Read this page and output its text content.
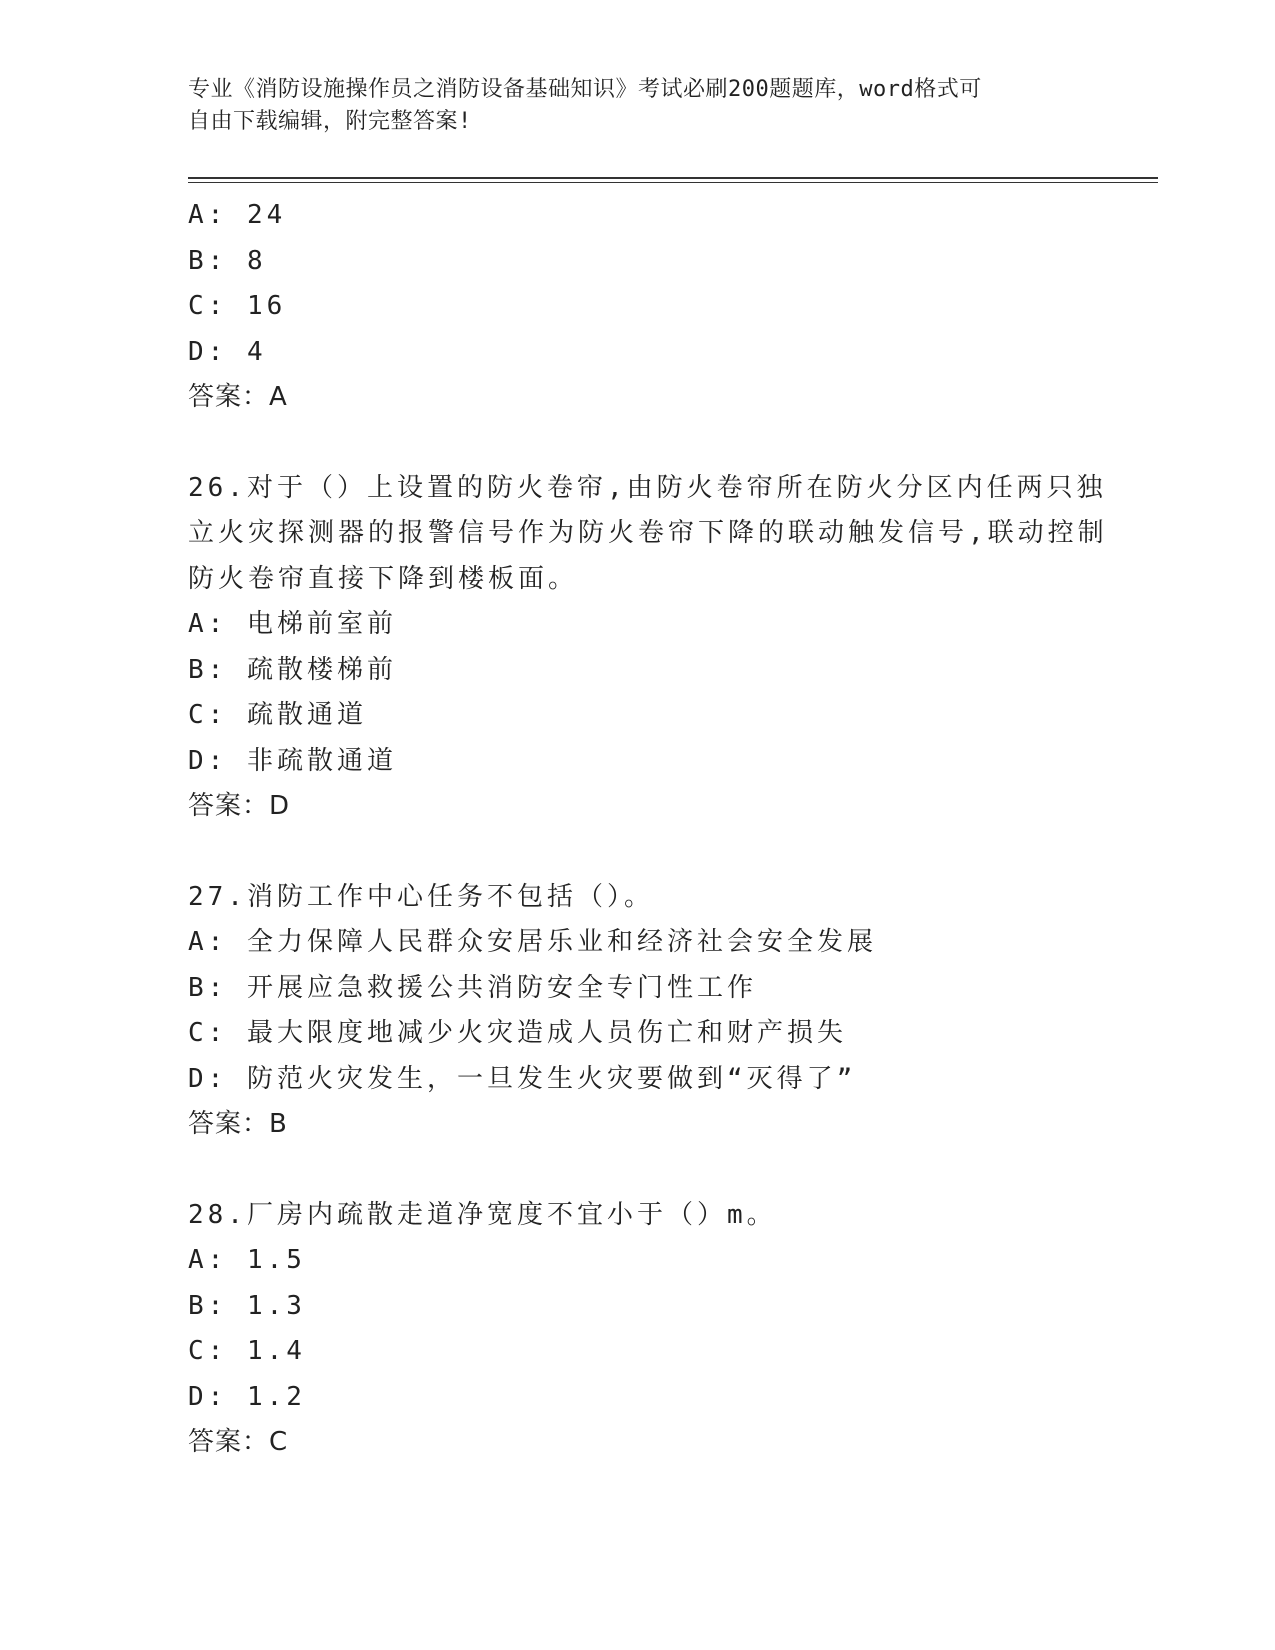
专业《消防设施操作员之消防设备基础知识》考试必刷200题题库，word格式可
自由下载编辑，附完整答案!
A: 24
B: 8
C: 16
D: 4
答案：A
26.对于（）上设置的防火卷帘,由防火卷帘所在防火分区内任两只独
立火灾探测器的报警信号作为防火卷帘下降的联动触发信号,联动控制
防火卷帘直接下降到楼板面。
A: 电梯前室前
B: 疏散楼梯前
C: 疏散通道
D: 非疏散通道
答案：D
27.消防工作中心任务不包括（）。
A: 全力保障人民群众安居乐业和经济社会安全发展
B: 开展应急救援公共消防安全专门性工作
C: 最大限度地减少火灾造成人员伤亡和财产损失
D: 防范火灾发生，一旦发生火灾要做到“灭得了”
答案：B
28.厂房内疏散走道净宽度不宜小于（）m。
A: 1.5
B: 1.3
C: 1.4
D: 1.2
答案：C
